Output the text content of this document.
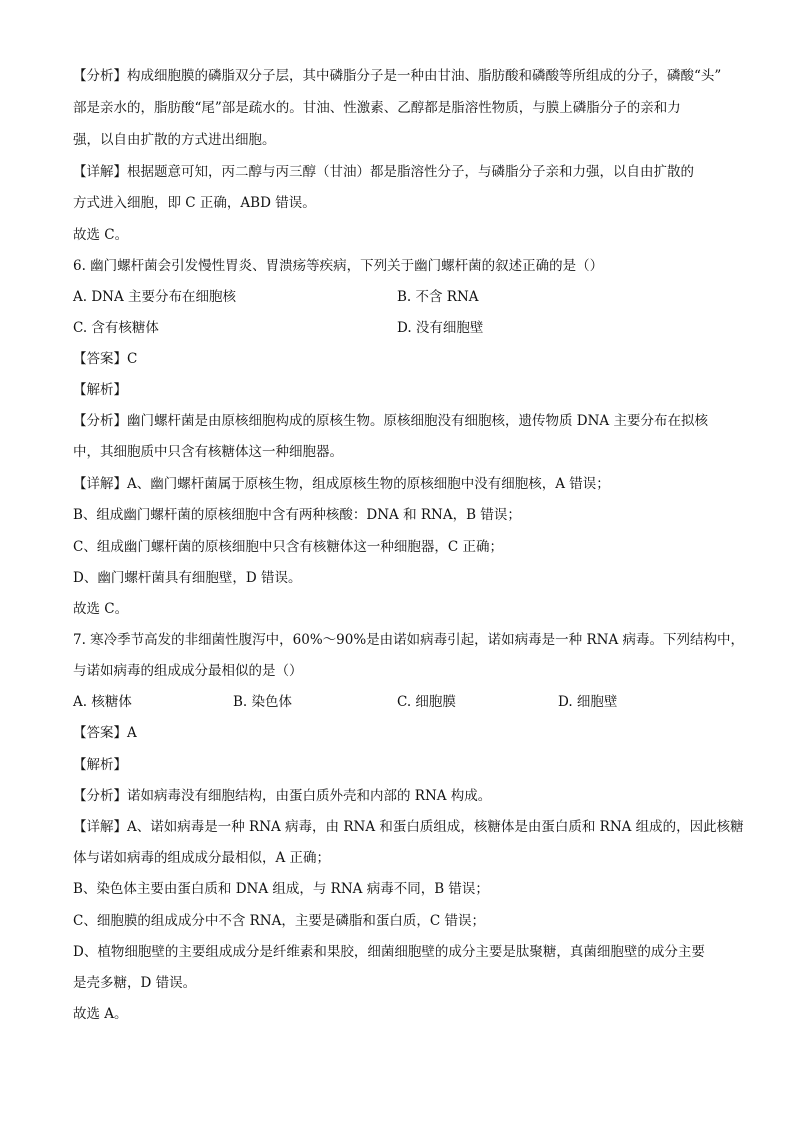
【分析】构成细胞膜的磷脂双分子层，其中磷脂分子是一种由甘油、脂肪酸和磷酸等所组成的分子，磷酸“头”
部是亲水的，脂肪酸“尾”部是疏水的。甘油、性激素、乙醇都是脂溶性物质，与膜上磷脂分子的亲和力
强，以自由扩散的方式进出细胞。
【详解】根据题意可知，丙二醇与丙三醇（甘油）都是脂溶性分子，与磷脂分子亲和力强，以自由扩散的
方式进入细胞，即 C 正确，ABD 错误。
故选 C。
6. 幽门螺杆菌会引发慢性胃炎、胃溃疡等疾病，下列关于幽门螺杆菌的叙述正确的是（）
A. DNA 主要分布在细胞核	B. 不含 RNA
C. 含有核糖体	D. 没有细胞壁
【答案】C
【解析】
【分析】幽门螺杆菌是由原核细胞构成的原核生物。原核细胞没有细胞核，遗传物质 DNA 主要分布在拟核
中，其细胞质中只含有核糖体这一种细胞器。
【详解】A、幽门螺杆菌属于原核生物，组成原核生物的原核细胞中没有细胞核，A 错误；
B、组成幽门螺杆菌的原核细胞中含有两种核酸：DNA 和 RNA，B 错误；
C、组成幽门螺杆菌的原核细胞中只含有核糖体这一种细胞器，C 正确；
D、幽门螺杆菌具有细胞壁，D 错误。
故选 C。
7. 寒冷季节高发的非细菌性腹泻中，60%～90%是由诺如病毒引起，诺如病毒是一种 RNA 病毒。下列结构中，
与诺如病毒的组成成分最相似的是（）
A. 核糖体	B. 染色体	C. 细胞膜	D. 细胞壁
【答案】A
【解析】
【分析】诺如病毒没有细胞结构，由蛋白质外壳和内部的 RNA 构成。
【详解】A、诺如病毒是一种 RNA 病毒，由 RNA 和蛋白质组成，核糖体是由蛋白质和 RNA 组成的，因此核糖
体与诺如病毒的组成成分最相似，A 正确；
B、染色体主要由蛋白质和 DNA 组成，与 RNA 病毒不同，B 错误；
C、细胞膜的组成成分中不含 RNA，主要是磷脂和蛋白质，C 错误；
D、植物细胞壁的主要组成成分是纤维素和果胶，细菌细胞壁的成分主要是肽聚糖，真菌细胞壁的成分主要
是壳多糖，D 错误。
故选 A。
